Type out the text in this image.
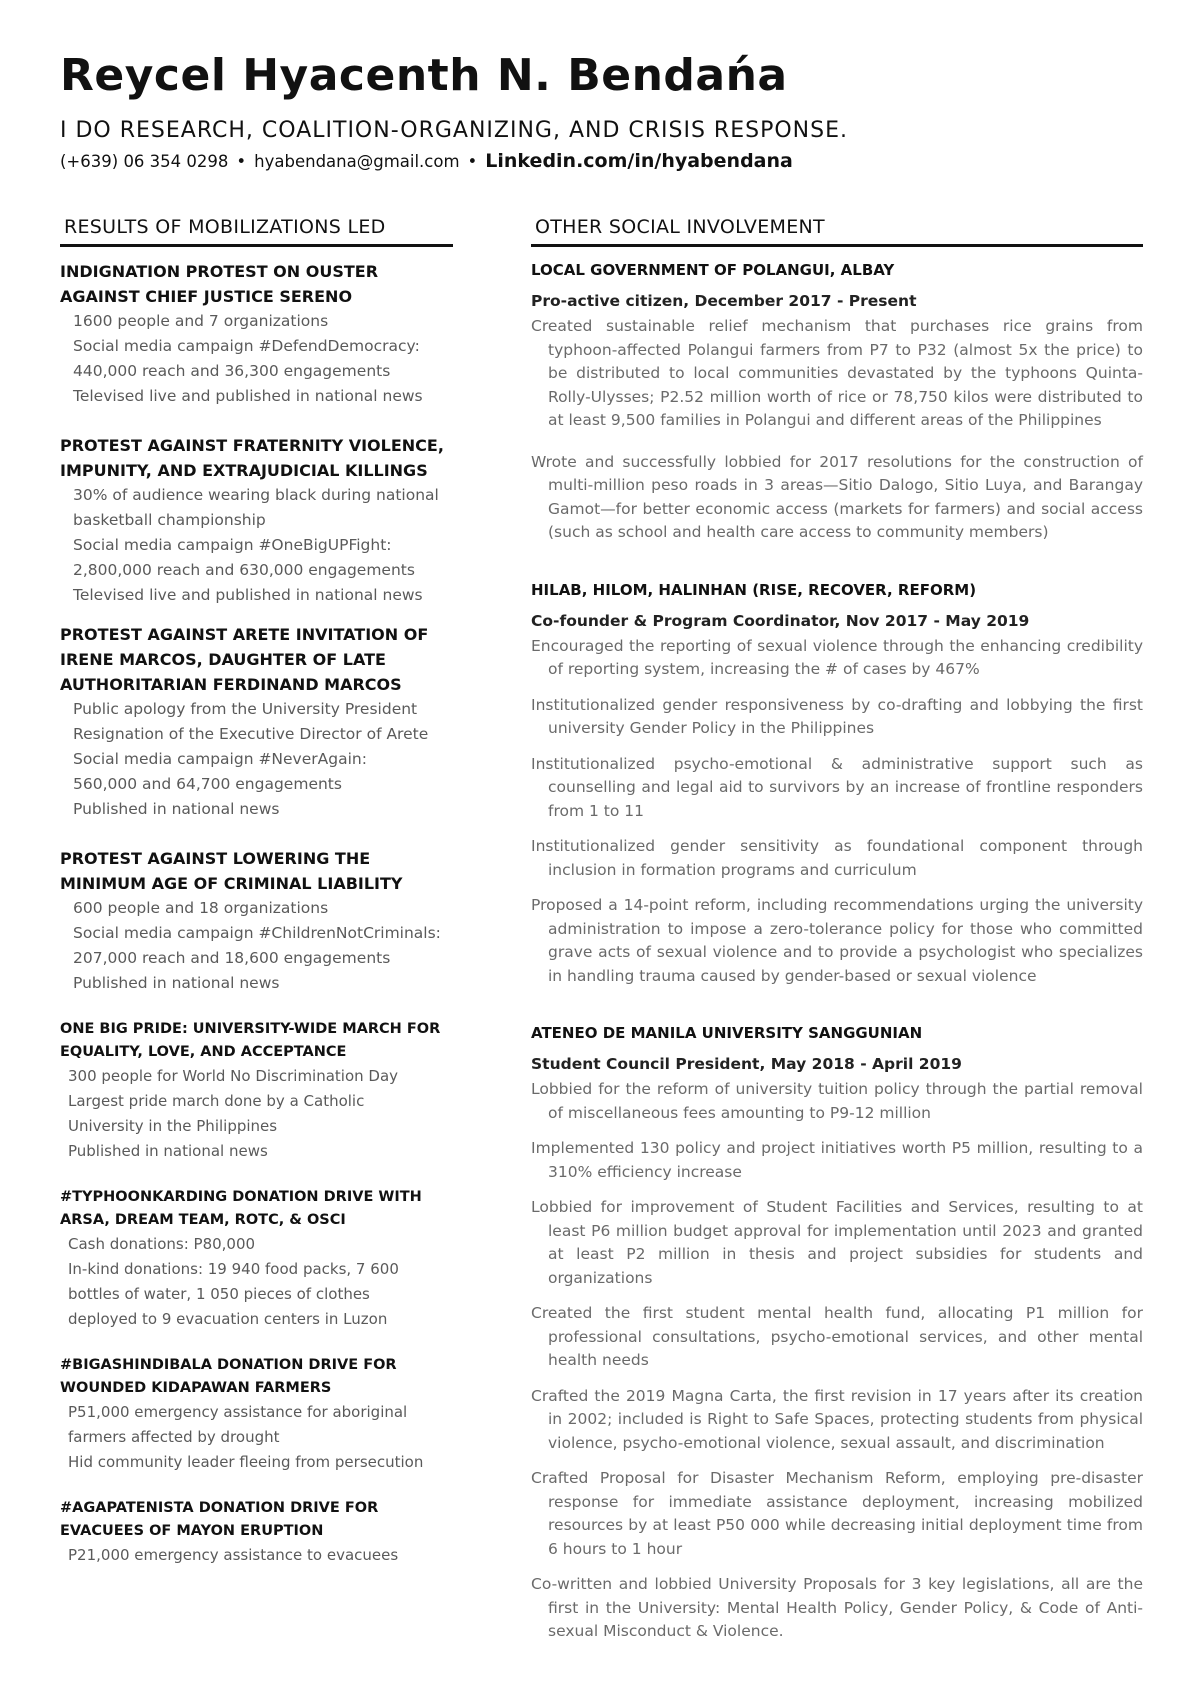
Reycel Hyacenth N. Bendańa

I DO RESEARCH, COALITION-ORGANIZING, AND CRISIS RESPONSE.

(+639) 06 354 0298 • hyabendana@gmail.com • Linkedin.com/in/hyabendana

RESULTS OF MOBILIZATIONS LED

INDIGNATION PROTEST ON OUSTER AGAINST CHIEF JUSTICE SERENO

1600 people and 7 organizations
Social media campaign #DefendDemocracy:
440,000 reach and 36,300 engagements
Televised live and published in national news

PROTEST AGAINST FRATERNITY VIOLENCE, IMPUNITY, AND EXTRAJUDICIAL KILLINGS

30% of audience wearing black during national
basketball championship
Social media campaign #OneBigUPFight:
2,800,000 reach and 630,000 engagements
Televised live and published in national news

PROTEST AGAINST ARETE INVITATION OF IRENE MARCOS, DAUGHTER OF LATE AUTHORITARIAN FERDINAND MARCOS

Public apology from the University President
Resignation of the Executive Director of Arete
Social media campaign #NeverAgain:
560,000 and 64,700 engagements
Published in national news

PROTEST AGAINST LOWERING THE MINIMUM AGE OF CRIMINAL LIABILITY

600 people and 18 organizations
Social media campaign #ChildrenNotCriminals:
207,000 reach and 18,600 engagements
Published in national news

ONE BIG PRIDE: UNIVERSITY-WIDE MARCH FOR EQUALITY, LOVE, AND ACCEPTANCE

300 people for World No Discrimination Day
Largest pride march done by a Catholic
University in the Philippines
Published in national news

#TYPHOONKARDING DONATION DRIVE WITH ARSA, DREAM TEAM, ROTC, & OSCI

Cash donations: P80,000
In-kind donations: 19 940 food packs, 7 600
bottles of water, 1 050 pieces of clothes
deployed to 9 evacuation centers in Luzon

#BIGASHINDIBALA DONATION DRIVE FOR WOUNDED KIDAPAWAN FARMERS

P51,000 emergency assistance for aboriginal
farmers affected by drought
Hid community leader fleeing from persecution

#AGAPATENISTA DONATION DRIVE FOR EVACUEES OF MAYON ERUPTION

P21,000 emergency assistance to evacuees
OTHER SOCIAL INVOLVEMENT

LOCAL GOVERNMENT OF POLANGUI, ALBAY

Pro-active citizen, December 2017 - Present

Created sustainable relief mechanism that purchases rice grains from typhoon-affected Polangui farmers from P7 to P32 (almost 5x the price) to be distributed to local communities devastated by the typhoons Quinta-Rolly-Ulysses; P2.52 million worth of rice or 78,750 kilos were distributed to at least 9,500 families in Polangui and different areas of the Philippines

Wrote and successfully lobbied for 2017 resolutions for the construction of multi-million peso roads in 3 areas—Sitio Dalogo, Sitio Luya, and Barangay Gamot—for better economic access (markets for farmers) and social access (such as school and health care access to community members)

HILAB, HILOM, HALINHAN (RISE, RECOVER, REFORM)

Co-founder & Program Coordinator, Nov 2017 - May 2019

Encouraged the reporting of sexual violence through the enhancing credibility of reporting system, increasing the # of cases by 467%

Institutionalized gender responsiveness by co-drafting and lobbying the first university Gender Policy in the Philippines

Institutionalized psycho-emotional & administrative support such as counselling and legal aid to survivors by an increase of frontline responders from 1 to 11

Institutionalized gender sensitivity as foundational component through inclusion in formation programs and curriculum

Proposed a 14-point reform, including recommendations urging the university administration to impose a zero-tolerance policy for those who committed grave acts of sexual violence and to provide a psychologist who specializes in handling trauma caused by gender-based or sexual violence

ATENEO DE MANILA UNIVERSITY SANGGUNIAN

Student Council President, May 2018 - April 2019

Lobbied for the reform of university tuition policy through the partial removal of miscellaneous fees amounting to P9-12 million

Implemented 130 policy and project initiatives worth P5 million, resulting to a 310% efficiency increase

Lobbied for improvement of Student Facilities and Services, resulting to at least P6 million budget approval for implementation until 2023 and granted at least P2 million in thesis and project subsidies for students and organizations

Created the first student mental health fund, allocating P1 million for professional consultations, psycho-emotional services, and other mental health needs

Crafted the 2019 Magna Carta, the first revision in 17 years after its creation in 2002; included is Right to Safe Spaces, protecting students from physical violence, psycho-emotional violence, sexual assault, and discrimination

Crafted Proposal for Disaster Mechanism Reform, employing pre-disaster response for immediate assistance deployment, increasing mobilized resources by at least P50 000 while decreasing initial deployment time from 6 hours to 1 hour

Co-written and lobbied University Proposals for 3 key legislations, all are the first in the University: Mental Health Policy, Gender Policy, & Code of Anti-sexual Misconduct & Violence.
